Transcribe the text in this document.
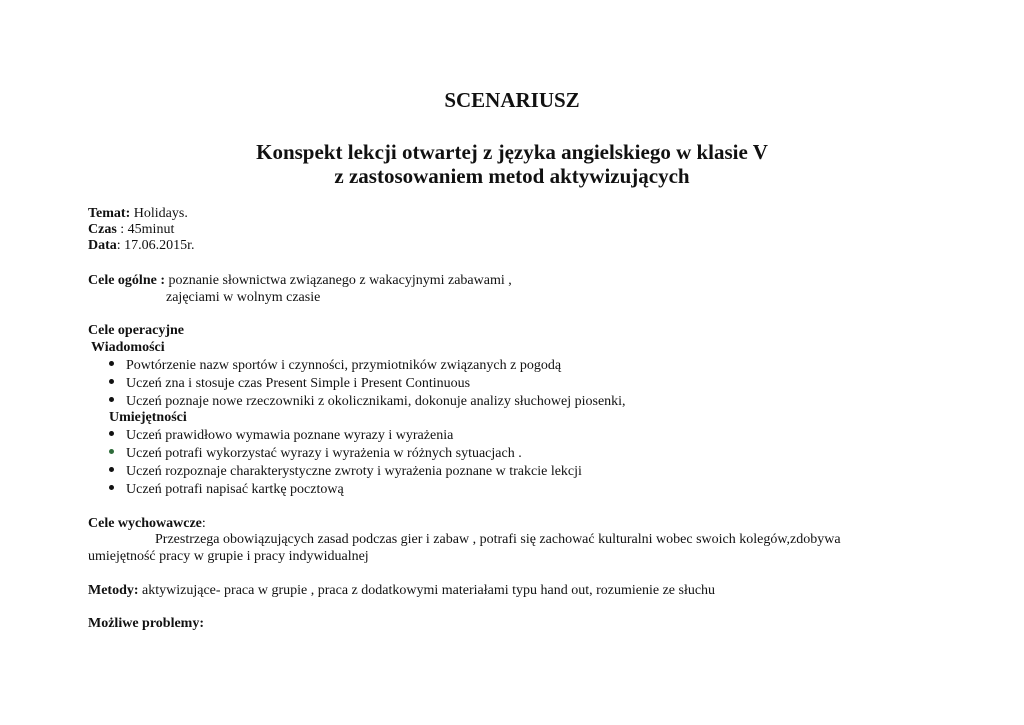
SCENARIUSZ
Konspekt lekcji otwartej z języka angielskiego w klasie V
z zastosowaniem metod aktywizujących
Temat: Holidays.
Czas : 45minut
Data: 17.06.2015r.
Cele ogólne : poznanie słownictwa związanego z wakacyjnymi zabawami ,
zajęciami w wolnym czasie
Cele operacyjne
Wiadomości
Powtórzenie nazw sportów i czynności, przymiotników związanych z pogodą
Uczeń zna i stosuje czas Present Simple i Present Continuous
Uczeń poznaje nowe rzeczowniki z okolicznikami, dokonuje analizy słuchowej piosenki,
Umiejętności
Uczeń prawidłowo wymawia poznane wyrazy i wyrażenia
Uczeń potrafi wykorzystać wyrazy i wyrażenia w różnych sytuacjach .
Uczeń rozpoznaje charakterystyczne zwroty i wyrażenia poznane w trakcie lekcji
Uczeń potrafi napisać kartkę pocztową
Cele wychowawcze:
Przestrzega obowiązujących zasad podczas gier i zabaw , potrafi się zachować kulturalni wobec swoich kolegów,zdobywa
umiejętność pracy w grupie i pracy indywidualnej
Metody: aktywizujące- praca w grupie , praca z dodatkowymi materiałami typu hand out, rozumienie ze słuchu
Możliwe problemy:
